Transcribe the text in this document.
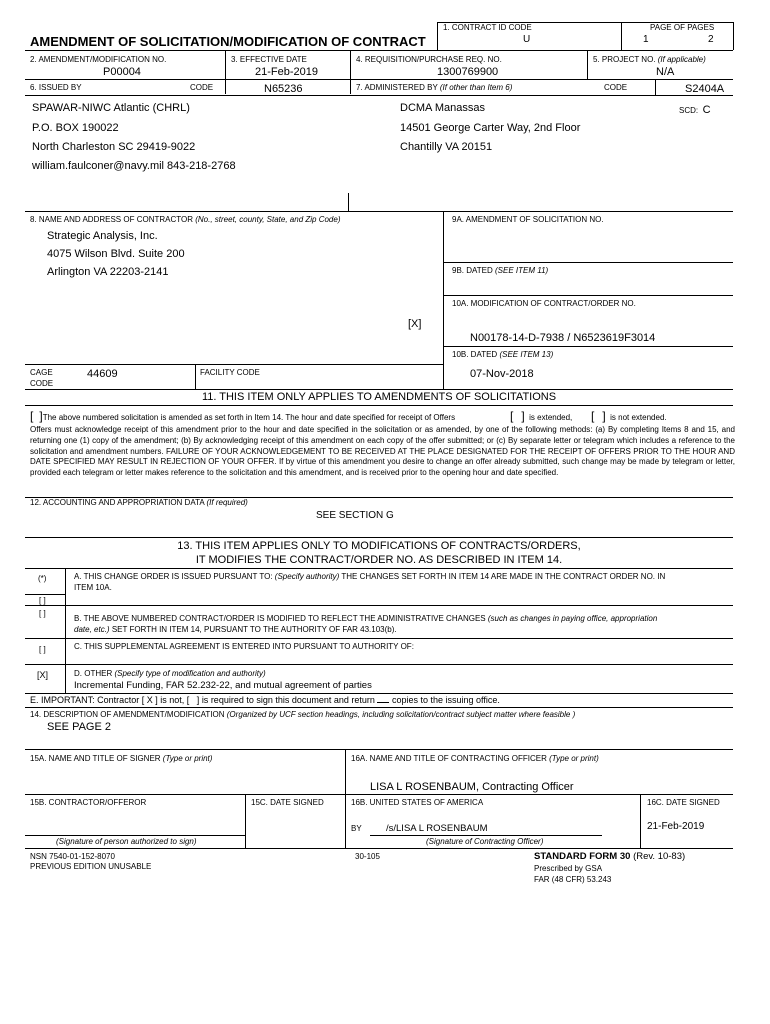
AMENDMENT OF SOLICITATION/MODIFICATION OF CONTRACT
1. CONTRACT ID CODE
U
PAGE OF PAGES
1	2
2. AMENDMENT/MODIFICATION NO.
P00004
3. EFFECTIVE DATE
21-Feb-2019
4. REQUISITION/PURCHASE REQ. NO.
1300769900
5. PROJECT NO. (If applicable)
N/A
6. ISSUED BY	CODE	N65236	7. ADMINISTERED BY (If other than Item 6)	CODE	S2404A
SCD: C
SPAWAR-NIWC Atlantic (CHRL)
P.O. BOX 190022
North Charleston SC 29419-9022
william.faulconer@navy.mil 843-218-2768
DCMA Manassas
14501 George Carter Way, 2nd Floor
Chantilly VA 20151
8. NAME AND ADDRESS OF CONTRACTOR (No., street, county, State, and Zip Code)
Strategic Analysis, Inc.
4075 Wilson Blvd. Suite 200
Arlington VA 22203-2141
9A. AMENDMENT OF SOLICITATION NO.
9B. DATED (SEE ITEM 11)
10A. MODIFICATION OF CONTRACT/ORDER NO.
[X]
N00178-14-D-7938 / N6523619F3014
10B. DATED (SEE ITEM 13)
07-Nov-2018
CAGE
CODE
44609	FACILITY CODE
11. THIS ITEM ONLY APPLIES TO AMENDMENTS OF SOLICITATIONS
[ ]The above numbered solicitation is amended as set forth in Item 14. The hour and date specified for receipt of Offers	[ ] is extended, [ ] is not extended.
Offers must acknowledge receipt of this amendment prior to the hour and date specified in the solicitation or as amended, by one of the following methods: (a) By completing Items 8 and 15, and returning one (1) copy of the amendment; (b) By acknowledging receipt of this amendment on each copy of the offer submitted; or (c) By separate letter or telegram which includes a reference to the solicitation and amendment numbers. FAILURE OF YOUR ACKNOWLEDGEMENT TO BE RECEIVED AT THE PLACE DESIGNATED FOR THE RECEIPT OF OFFERS PRIOR TO THE HOUR AND DATE SPECIFIED MAY RESULT IN REJECTION OF YOUR OFFER. If by virtue of this amendment you desire to change an offer already submitted, such change may be made by telegram or letter, provided each telegram or letter makes reference to the solicitation and this amendment, and is received prior to the opening hour and date specified.
12. ACCOUNTING AND APPROPRIATION DATA (If required)
SEE SECTION G
13. THIS ITEM APPLIES ONLY TO MODIFICATIONS OF CONTRACTS/ORDERS,
IT MODIFIES THE CONTRACT/ORDER NO. AS DESCRIBED IN ITEM 14.
(*)	A. THIS CHANGE ORDER IS ISSUED PURSUANT TO: (Specify authority) THE CHANGES SET FORTH IN ITEM 14 ARE MADE IN THE CONTRACT ORDER NO. IN
ITEM 10A.
[ ]
[ ]
B. THE ABOVE NUMBERED CONTRACT/ORDER IS MODIFIED TO REFLECT THE ADMINISTRATIVE CHANGES (such as changes in paying office, appropriation
date, etc.) SET FORTH IN ITEM 14, PURSUANT TO THE AUTHORITY OF FAR 43.103(b).
[ ]	C. THIS SUPPLEMENTAL AGREEMENT IS ENTERED INTO PURSUANT TO AUTHORITY OF:
[X]	D. OTHER (Specify type of modification and authority)
Incremental Funding, FAR 52.232-22, and mutual agreement of parties
E. IMPORTANT: Contractor [ X ] is not, [   ] is required to sign this document and return copies to the issuing office.
14. DESCRIPTION OF AMENDMENT/MODIFICATION (Organized by UCF section headings, including solicitation/contract subject matter where feasible )
SEE PAGE 2
15A. NAME AND TITLE OF SIGNER (Type or print)	16A. NAME AND TITLE OF CONTRACTING OFFICER (Type or print)
LISA L ROSENBAUM, Contracting Officer
15B. CONTRACTOR/OFFEROR	15C. DATE SIGNED	16B. UNITED STATES OF AMERICA	16C. DATE SIGNED
BY	/s/LISA L ROSENBAUM	21-Feb-2019
(Signature of person authorized to sign)	(Signature of Contracting Officer)
NSN 7540-01-152-8070
PREVIOUS EDITION UNUSABLE
30-105	STANDARD FORM 30 (Rev. 10-83)
Prescribed by GSA
FAR (48 CFR) 53.243
